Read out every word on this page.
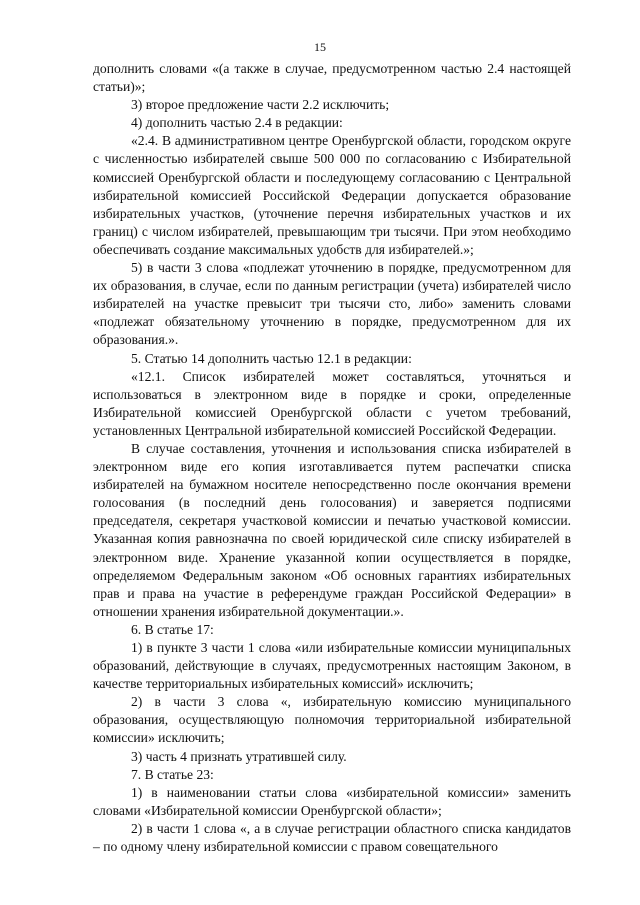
15

дополнить словами «(а также в случае, предусмотренном частью 2.4 настоящей статьи)»;

3) второе предложение части 2.2 исключить;

4) дополнить частью 2.4 в редакции:

«2.4. В административном центре Оренбургской области, городском округе с численностью избирателей свыше 500 000 по согласованию с Избирательной комиссией Оренбургской области и последующему согласованию с Центральной избирательной комиссией Российской Федерации допускается образование избирательных участков, (уточнение перечня избирательных участков и их границ) с числом избирателей, превышающим три тысячи. При этом необходимо обеспечивать создание максимальных удобств для избирателей.»;

5) в части 3 слова «подлежат уточнению в порядке, предусмотренном для их образования, в случае, если по данным регистрации (учета) избирателей число избирателей на участке превысит три тысячи сто, либо» заменить словами «подлежат обязательному уточнению в порядке, предусмотренном для их образования.».

5. Статью 14 дополнить частью 12.1 в редакции:

«12.1. Список избирателей может составляться, уточняться и использоваться в электронном виде в порядке и сроки, определенные Избирательной комиссией Оренбургской области с учетом требований, установленных Центральной избирательной комиссией Российской Федерации.

В случае составления, уточнения и использования списка избирателей в электронном виде его копия изготавливается путем распечатки списка избирателей на бумажном носителе непосредственно после окончания времени голосования (в последний день голосования) и заверяется подписями председателя, секретаря участковой комиссии и печатью участковой комиссии. Указанная копия равнозначна по своей юридической силе списку избирателей в электронном виде. Хранение указанной копии осуществляется в порядке, определяемом Федеральным законом «Об основных гарантиях избирательных прав и права на участие в референдуме граждан Российской Федерации» в отношении хранения избирательной документации.».

6. В статье 17:

1) в пункте 3 части 1 слова «или избирательные комиссии муниципальных образований, действующие в случаях, предусмотренных настоящим Законом, в качестве территориальных избирательных комиссий» исключить;

2) в части 3 слова «, избирательную комиссию муниципального образования, осуществляющую полномочия территориальной избирательной комиссии» исключить;

3) часть 4 признать утратившей силу.

7. В статье 23:

1) в наименовании статьи слова «избирательной комиссии» заменить словами «Избирательной комиссии Оренбургской области»;

2) в части 1 слова «, а в случае регистрации областного списка кандидатов – по одному члену избирательной комиссии с правом совещательного
